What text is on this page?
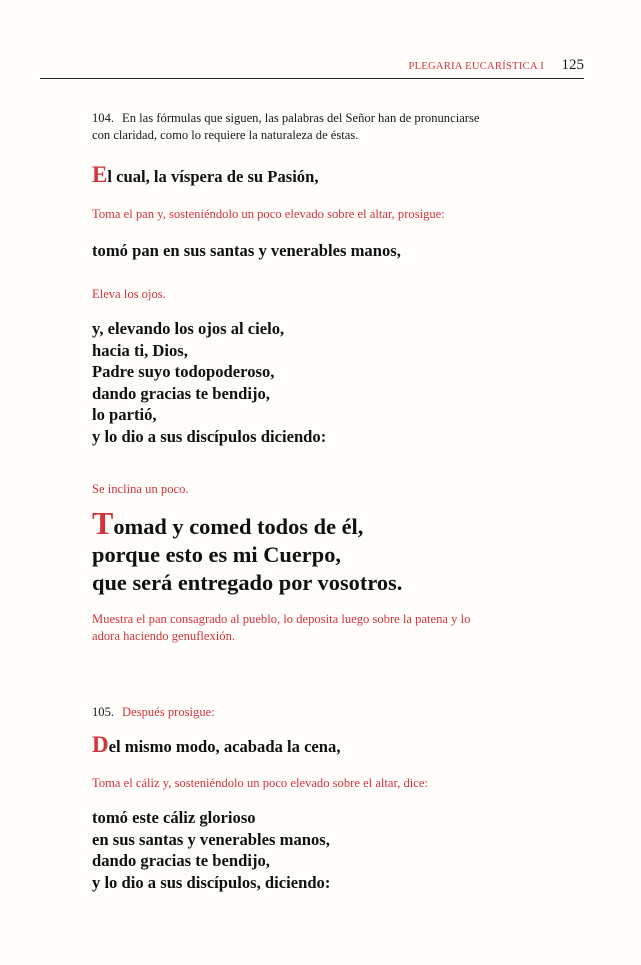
PLEGARIA EUCARÍSTICA I 125
104. En las fórmulas que siguen, las palabras del Señor han de pronunciarse
con claridad, como lo requiere la naturaleza de éstas.
El cual, la víspera de su Pasión,
Toma el pan y, sosteniéndolo un poco elevado sobre el altar, prosigue:
tomó pan en sus santas y venerables manos,
Eleva los ojos.
y, elevando los ojos al cielo,
hacia ti, Dios,
Padre suyo todopoderoso,
dando gracias te bendijo,
lo partió,
y lo dio a sus discípulos diciendo:
Se inclina un poco.
Tomad y comed todos de él,
porque esto es mi Cuerpo,
que será entregado por vosotros.
Muestra el pan consagrado al pueblo, lo deposita luego sobre la patena y lo
adora haciendo genuflexión.
105. Después prosigue:
Del mismo modo, acabada la cena,
Toma el cáliz y, sosteniéndolo un poco elevado sobre el altar, dice:
tomó este cáliz glorioso
en sus santas y venerables manos,
dando gracias te bendijo,
y lo dio a sus discípulos, diciendo:
